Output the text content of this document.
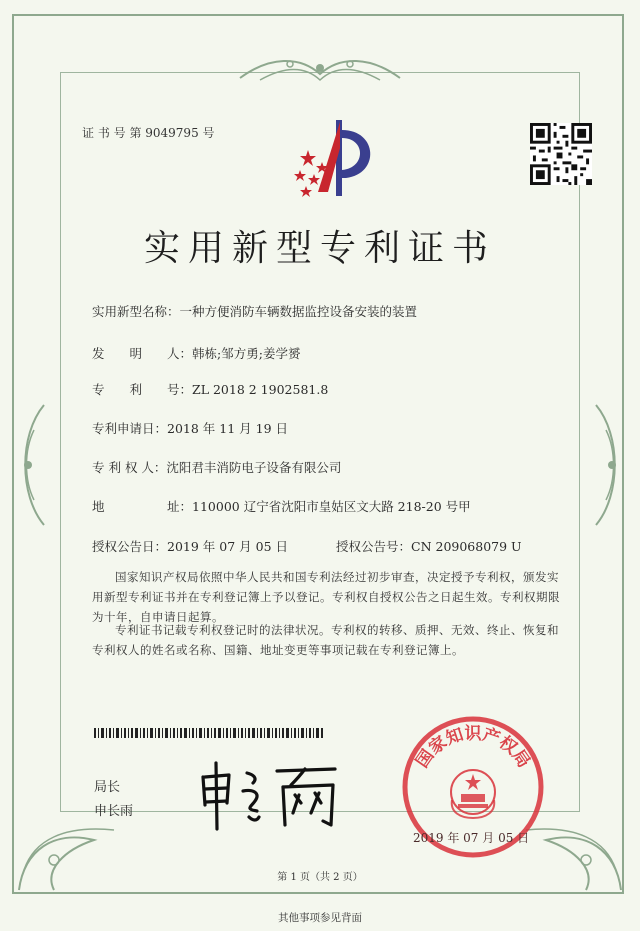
证 书 号 第 9049795 号
实用新型专利证书
实用新型名称：一种方便消防车辆数据监控设备安装的装置
发　　明　　人：韩栋;邹方勇;姜学赟
专　　利　　号：ZL 2018 2 1902581.8
专利申请日：2018 年 11 月 19 日
专 利 权 人：沈阳君丰消防电子设备有限公司
地　　　　　址：110000 辽宁省沈阳市皇姑区文大路 218-20 号甲
授权公告日：2019 年 07 月 05 日	授权公告号：CN 209068079 U
国家知识产权局依照中华人民共和国专利法经过初步审查，决定授予专利权，颁发实用新型专利证书并在专利登记簿上予以登记。专利权自授权公告之日起生效。专利权期限为十年，自申请日起算。
专利证书记载专利权登记时的法律状况。专利权的转移、质押、无效、终止、恢复和专利权人的姓名或名称、国籍、地址变更等事项记载在专利登记簿上。
局长
申长雨
国家知识产权局
2019 年 07 月 05 日
第 1 页（共 2 页）
其他事项参见背面
